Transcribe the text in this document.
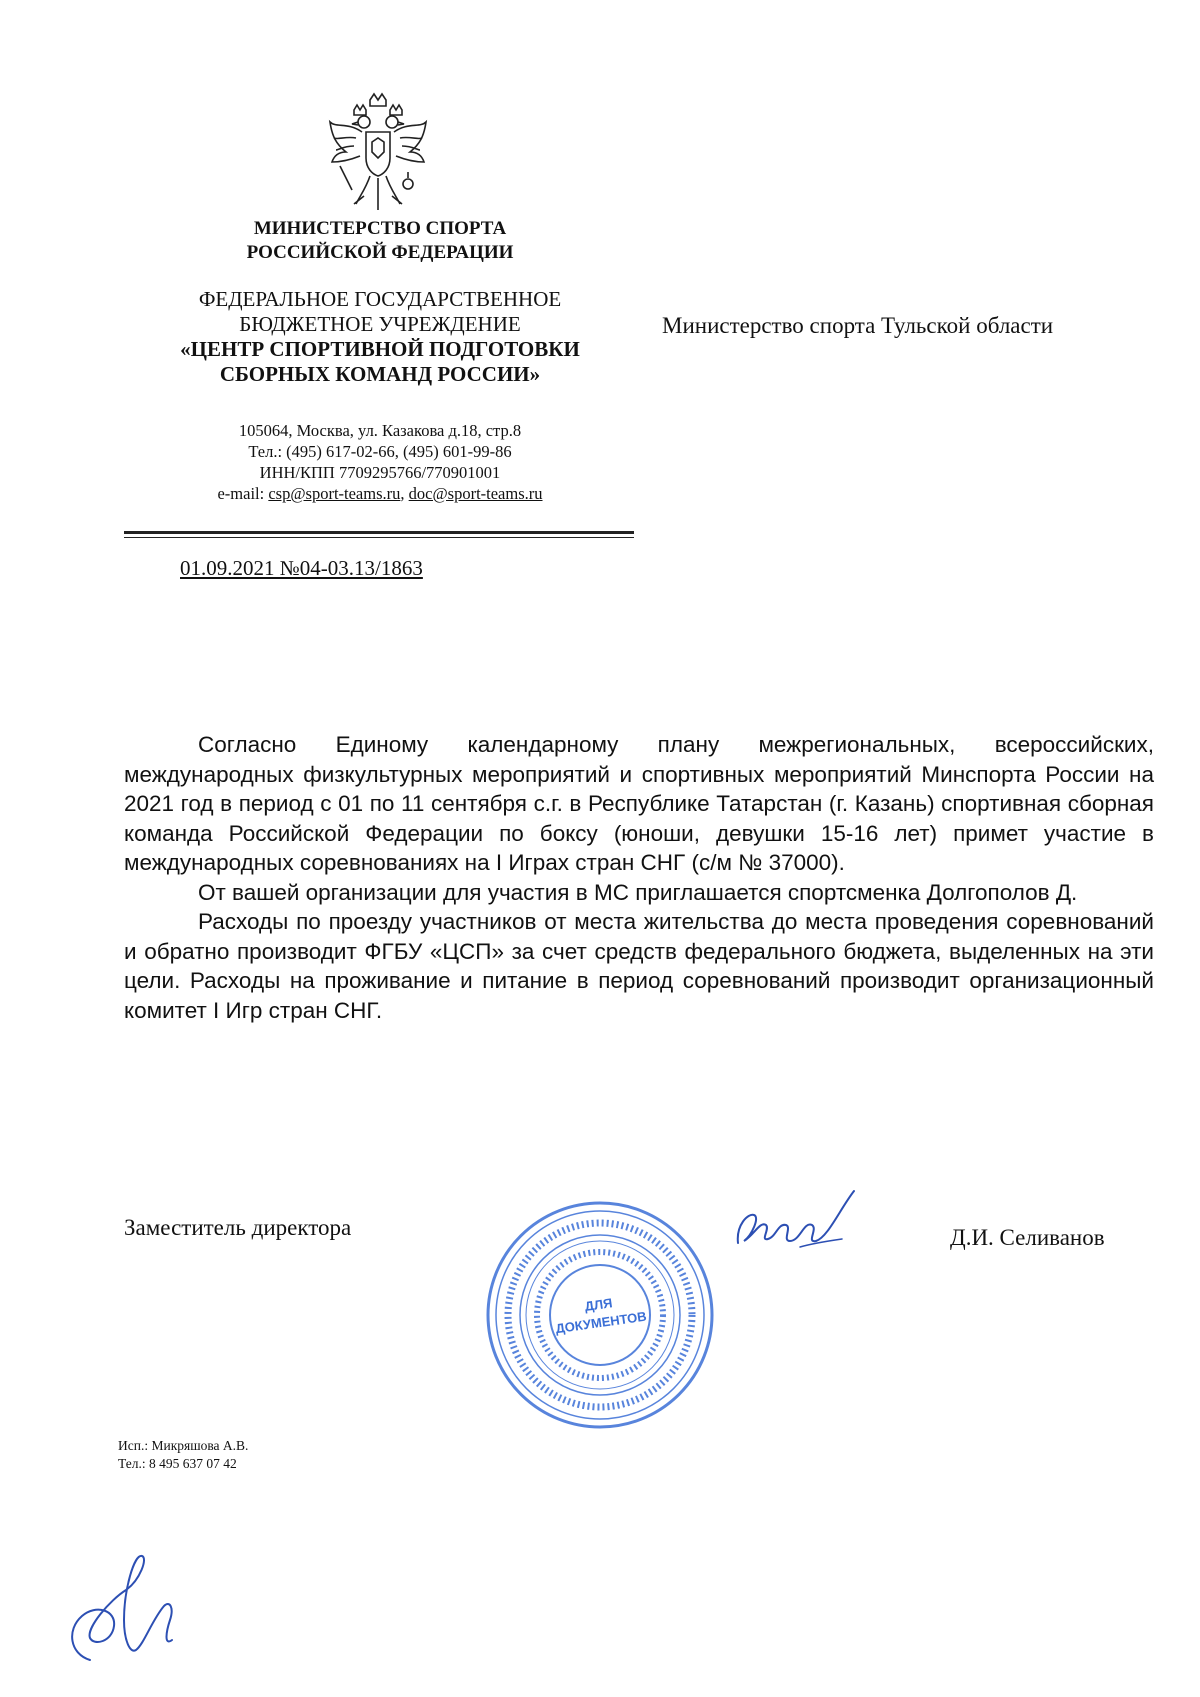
МИНИСТЕРСТВО СПОРТА
РОССИЙСКОЙ ФЕДЕРАЦИИ
ФЕДЕРАЛЬНОЕ ГОСУДАРСТВЕННОЕ
БЮДЖЕТНОЕ УЧРЕЖДЕНИЕ
«ЦЕНТР СПОРТИВНОЙ ПОДГОТОВКИ
СБОРНЫХ КОМАНД РОССИИ»
105064, Москва, ул. Казакова д.18, стр.8
Тел.: (495) 617-02-66, (495) 601-99-86
ИНН/КПП 7709295766/770901001
e-mail: csp@sport-teams.ru, doc@sport-teams.ru
01.09.2021 №04-03.13/1863
Министерство спорта Тульской области

Согласно Единому календарному плану межрегиональных, всероссийских, международных физкультурных мероприятий и спортивных мероприятий Минспорта России на 2021 год в период с 01 по 11 сентября с.г. в Республике Татарстан (г. Казань) спортивная сборная команда Российской Федерации по боксу (юноши, девушки 15-16 лет) примет участие в международных соревнованиях на I Играх стран СНГ (с/м № 37000).

От вашей организации для участия в МС приглашается спортсменка Долгополов Д.

Расходы по проезду участников от места жительства до места проведения соревнований и обратно производит ФГБУ «ЦСП» за счет средств федерального бюджета, выделенных на эти цели. Расходы на проживание и питание в период соревнований производит организационный комитет I Игр стран СНГ.

Заместитель директора
ДЛЯ
ДОКУМЕНТОВ
Д.И. Селиванов
Исп.: Микряшова А.В.
Тел.: 8 495 637 07 42
